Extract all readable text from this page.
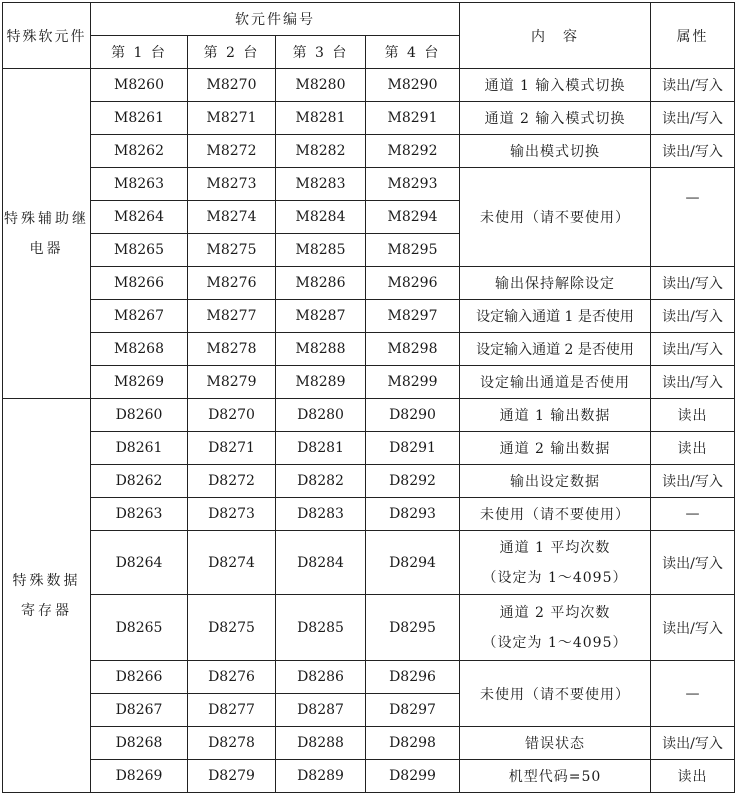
特殊软元件	软元件编号				内　容	属性
	第 1 台	第 2 台	第 3 台	第 4 台		

特殊辅助继
电器	M8260	M8270	M8280	M8290	通道 1 输入模式切换	读出/写入
	M8261	M8271	M8281	M8291	通道 2 输入模式切换	读出/写入
	M8262	M8272	M8282	M8292	输出模式切换	读出/写入
	M8263	M8273	M8283	M8293	未使用（请不要使用）	—
	M8264	M8274	M8284	M8294		
	M8265	M8275	M8285	M8295		
	M8266	M8276	M8286	M8296	输出保持解除设定	读出/写入
	M8267	M8277	M8287	M8297	设定输入通道 1 是否使用	读出/写入
	M8268	M8278	M8288	M8298	设定输入通道 2 是否使用	读出/写入
	M8269	M8279	M8289	M8299	设定输出通道是否使用	读出/写入

特殊数据
寄存器	D8260	D8270	D8280	D8290	通道 1 输出数据	读出
	D8261	D8271	D8281	D8291	通道 2 输出数据	读出
	D8262	D8272	D8282	D8292	输出设定数据	读出/写入
	D8263	D8273	D8283	D8293	未使用（请不要使用）	—
	D8264	D8274	D8284	D8294	通道 1 平均次数
（设定为 1～4095）	读出/写入
	D8265	D8275	D8285	D8295	通道 2 平均次数
（设定为 1～4095）	读出/写入
	D8266	D8276	D8286	D8296	未使用（请不要使用）	—
	D8267	D8277	D8287	D8297		
	D8268	D8278	D8288	D8298	错误状态	读出/写入
	D8269	D8279	D8289	D8299	机型代码=50	读出
